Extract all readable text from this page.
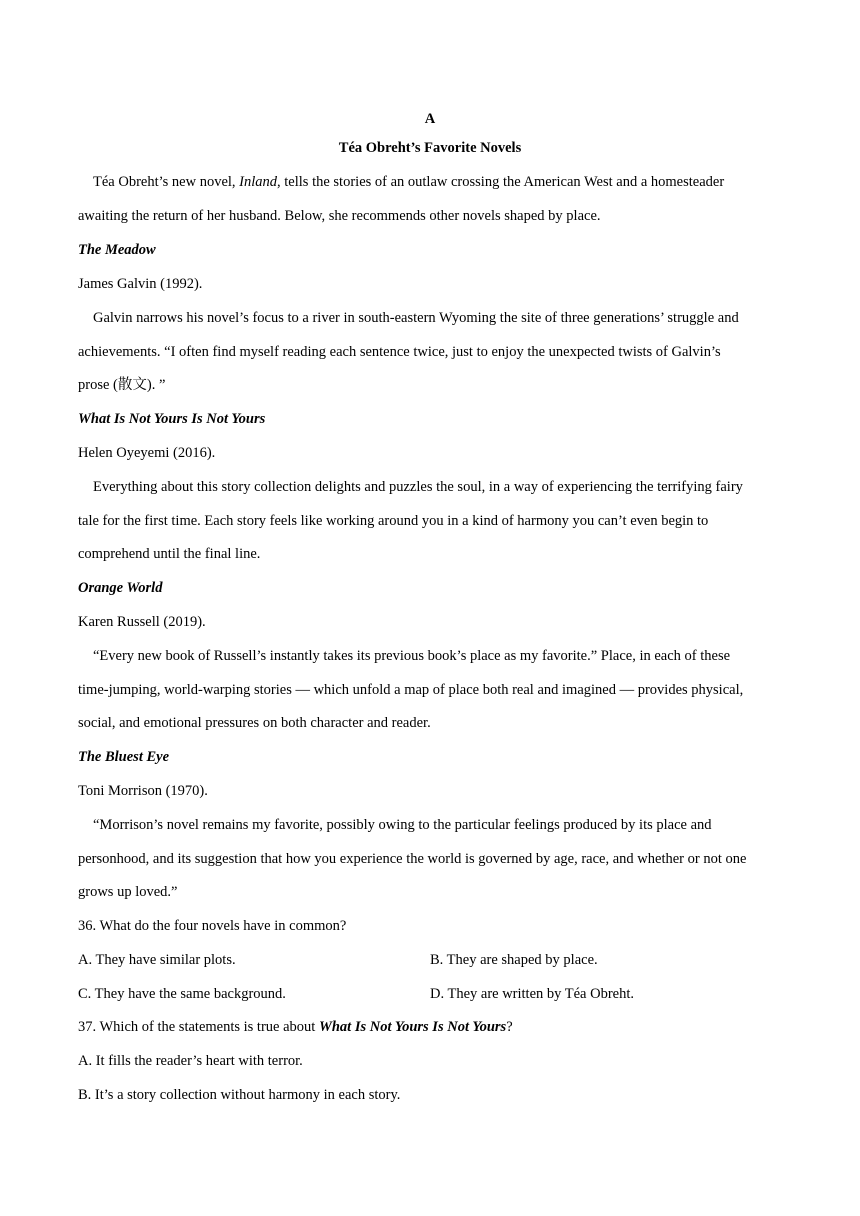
A
Téa Obreht’s Favorite Novels
Téa Obreht’s new novel, Inland, tells the stories of an outlaw crossing the American West and a homesteader
awaiting the return of her husband. Below, she recommends other novels shaped by place.
The Meadow
James Galvin (1992).
Galvin narrows his novel’s focus to a river in south-eastern Wyoming the site of three generations’ struggle and
achievements. “I often find myself reading each sentence twice, just to enjoy the unexpected twists of Galvin’s
prose (散文). ”
What Is Not Yours Is Not Yours
Helen Oyeyemi (2016).
Everything about this story collection delights and puzzles the soul, in a way of experiencing the terrifying fairy
tale for the first time. Each story feels like working around you in a kind of harmony you can’t even begin to
comprehend until the final line.
Orange World
Karen Russell (2019).
“Every new book of Russell’s instantly takes its previous book’s place as my favorite.” Place, in each of these
time-jumping, world-warping stories — which unfold a map of place both real and imagined — provides physical,
social, and emotional pressures on both character and reader.
The Bluest Eye
Toni Morrison (1970).
“Morrison’s novel remains my favorite, possibly owing to the particular feelings produced by its place and
personhood, and its suggestion that how you experience the world is governed by age, race, and whether or not one
grows up loved.”
36. What do the four novels have in common?
A. They have similar plots.	B. They are shaped by place.
C. They have the same background.	D. They are written by Téa Obreht.
37. Which of the statements is true about What Is Not Yours Is Not Yours?
A. It fills the reader’s heart with terror.
B. It’s a story collection without harmony in each story.
